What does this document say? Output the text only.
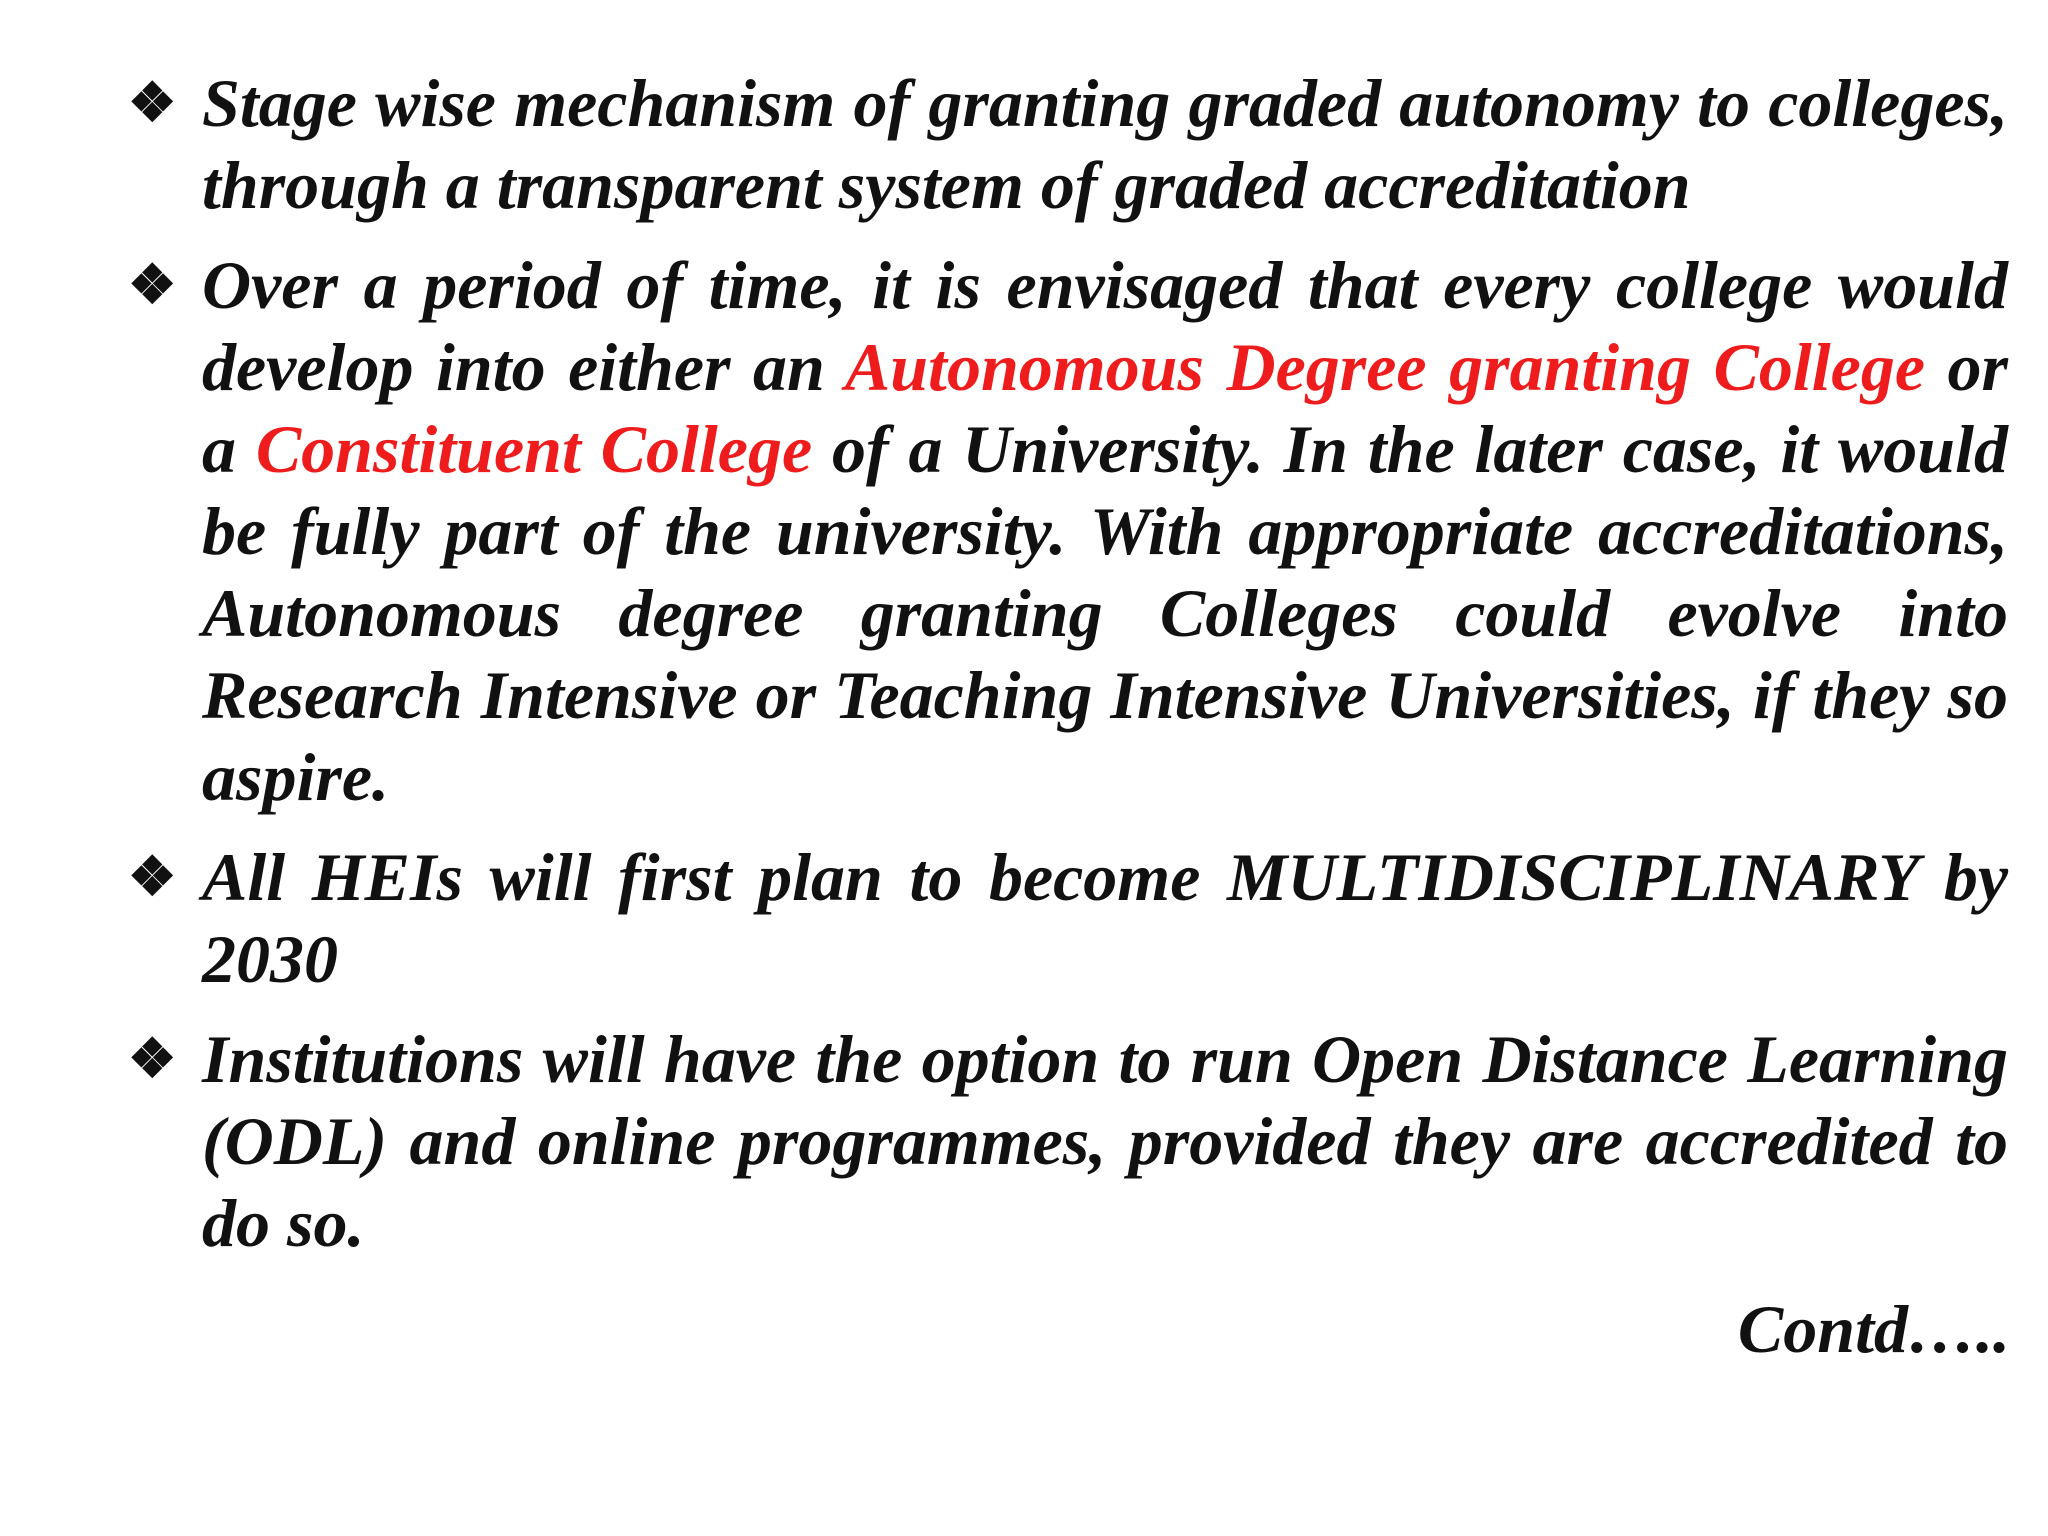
❖ Stage wise mechanism of granting graded autonomy to colleges, through a transparent system of graded accreditation
❖ Over a period of time, it is envisaged that every college would develop into either an Autonomous Degree granting College or a Constituent College of a University. In the later case, it would be fully part of the university. With appropriate accreditations, Autonomous degree granting Colleges could evolve into Research Intensive or Teaching Intensive Universities, if they so aspire.
❖ All HEIs will first plan to become MULTIDISCIPLINARY by 2030
❖ Institutions will have the option to run Open Distance Learning (ODL) and online programmes, provided they are accredited to do so.
Contd…..
